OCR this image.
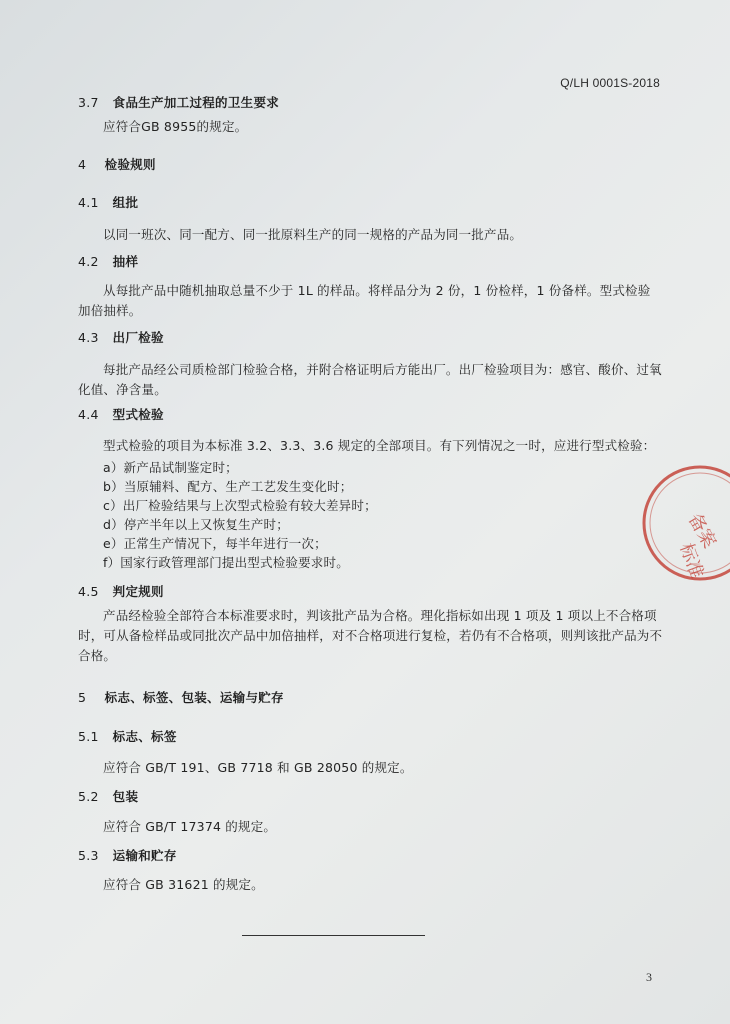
Q/LH 0001S-2018
3.7 食品生产加工过程的卫生要求
应符合GB 8955的规定。
4 检验规则
4.1 组批
以同一班次、同一配方、同一批原料生产的同一规格的产品为同一批产品。
4.2 抽样
从每批产品中随机抽取总量不少于 1L 的样品。将样品分为 2 份，1 份检样，1 份备样。型式检验加倍抽样。
4.3 出厂检验
每批产品经公司质检部门检验合格，并附合格证明后方能出厂。出厂检验项目为：感官、酸价、过氧化值、净含量。
4.4 型式检验
型式检验的项目为本标准 3.2、3.3、3.6 规定的全部项目。有下列情况之一时，应进行型式检验：
a）新产品试制鉴定时；
b）当原辅料、配方、生产工艺发生变化时；
c）出厂检验结果与上次型式检验有较大差异时；
d）停产半年以上又恢复生产时；
e）正常生产情况下，每半年进行一次；
f）国家行政管理部门提出型式检验要求时。
4.5 判定规则
产品经检验全部符合本标准要求时，判该批产品为合格。理化指标如出现 1 项及 1 项以上不合格项时，可从备检样品或同批次产品中加倍抽样，对不合格项进行复检，若仍有不合格项，则判该批产品为不合格。
5 标志、标签、包装、运输与贮存
5.1 标志、标签
应符合 GB/T 191、GB 7718 和 GB 28050 的规定。
5.2 包装
应符合 GB/T 17374 的规定。
5.3 运输和贮存
应符合 GB 31621 的规定。
3
备案
标准
